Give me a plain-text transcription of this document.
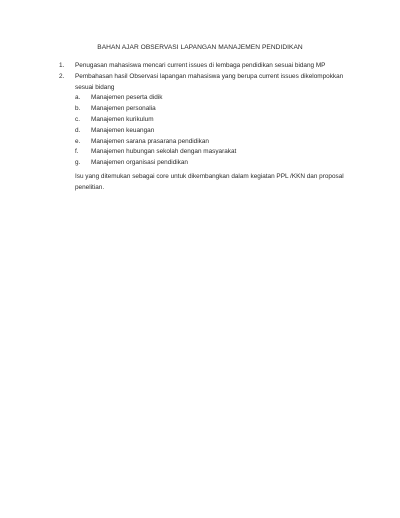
BAHAN AJAR OBSERVASI LAPANGAN MANAJEMEN PENDIDIKAN
1. Penugasan mahasiswa mencari current issues di lembaga pendidikan sesuai bidang MP
2. Pembahasan hasil Observasi lapangan mahasiswa yang berupa current issues dikelompokkan sesuai bidang
a. Manajemen peserta didik
b. Manajemen personalia
c. Manajemen kurikulum
d. Manajemen keuangan
e. Manajemen sarana prasarana pendidikan
f. Manajemen hubungan sekolah dengan masyarakat
g. Manajemen organisasi pendidikan

Isu yang ditemukan sebagai core untuk dikembangkan dalam kegiatan PPL /KKN dan proposal penelitian.
